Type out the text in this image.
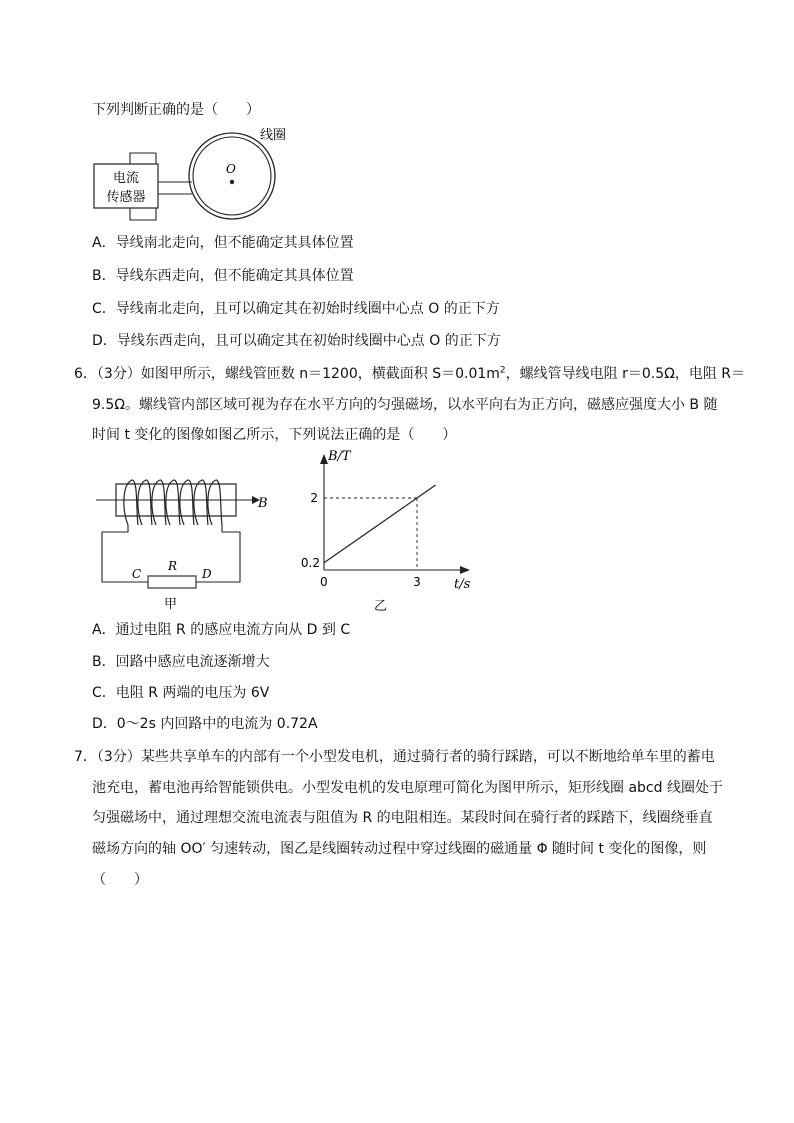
下列判断正确的是（　　）
O
线圈
电流
传感器
A．导线南北走向，但不能确定其具体位置
B．导线东西走向，但不能确定其具体位置
C．导线南北走向，且可以确定其在初始时线圈中心点 O 的正下方
D．导线东西走向，且可以确定其在初始时线圈中心点 O 的正下方
6．（3分）如图甲所示，螺线管匝数 n＝1200，横截面积 $S=0.01m^2$，螺线管导线电阻 r＝0.5Ω，电阻 R＝
9.5Ω。螺线管内部区域可视为存在水平方向的匀强磁场，以水平向右为正方向，磁感应强度大小 B 随
时间 t 变化的图像如图乙所示，下列说法正确的是（　　）
B
C
R
D
甲
B/T
t/s
0
0.2
2
3
乙
A．通过电阻 R 的感应电流方向从 D 到 C
B．回路中感应电流逐渐增大
C．电阻 R 两端的电压为 6V
D．0～2s 内回路中的电流为 0.72A
7．（3分）某些共享单车的内部有一个小型发电机，通过骑行者的骑行踩踏，可以不断地给单车里的蓄电
池充电，蓄电池再给智能锁供电。小型发电机的发电原理可简化为图甲所示，矩形线圈 abcd 线圈处于
匀强磁场中，通过理想交流电流表与阻值为 R 的电阻相连。某段时间在骑行者的踩踏下，线圈绕垂直
磁场方向的轴 OO′ 匀速转动，图乙是线圈转动过程中穿过线圈的磁通量 Φ 随时间 t 变化的图像，则
（　　）
